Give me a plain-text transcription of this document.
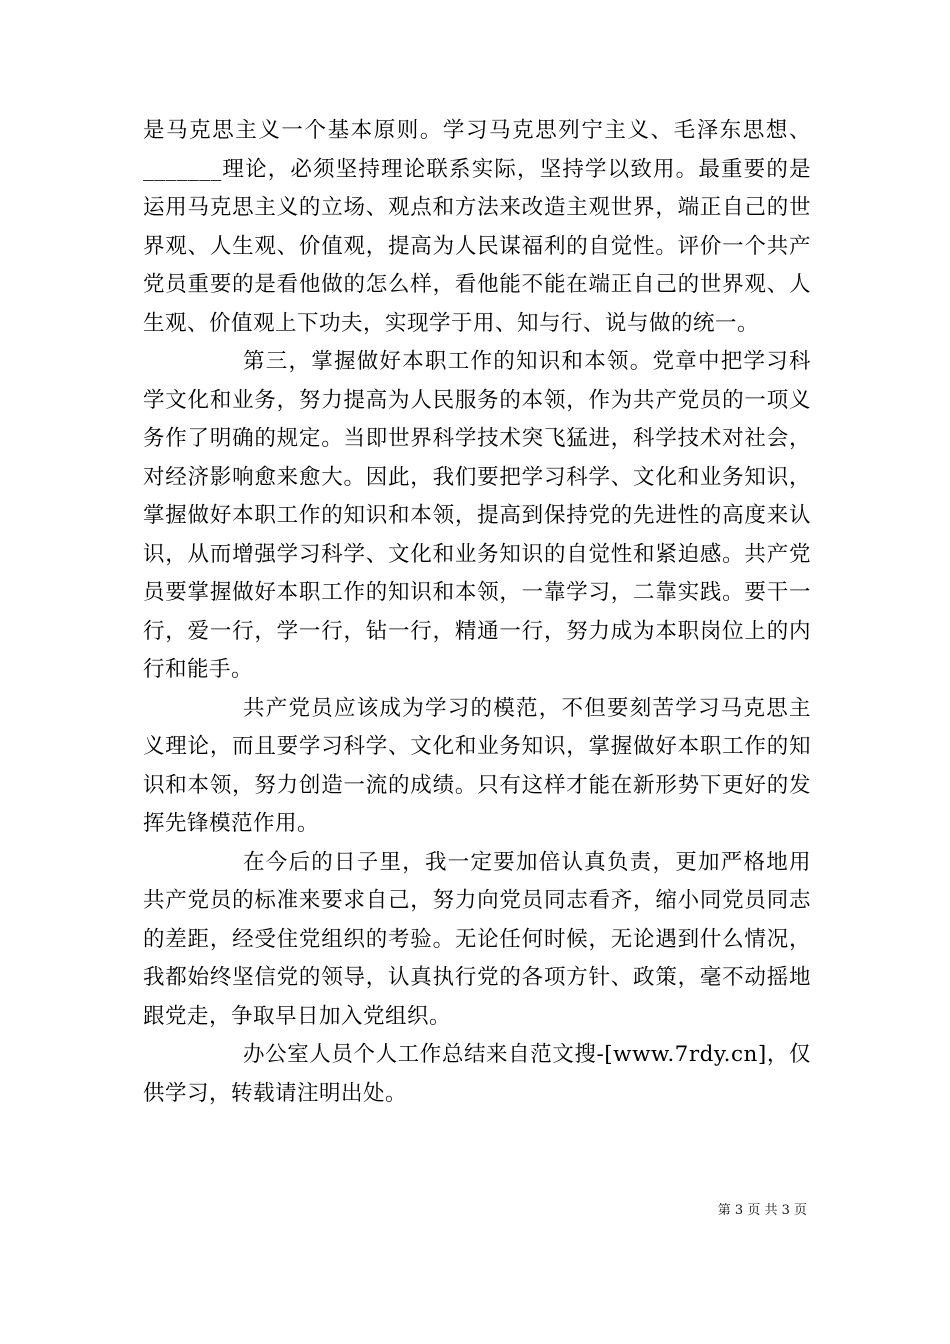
是马克思主义一个基本原则。学习马克思列宁主义、毛泽东思想、_______理论，必须坚持理论联系实际，坚持学以致用。最重要的是运用马克思主义的立场、观点和方法来改造主观世界，端正自己的世界观、人生观、价值观，提高为人民谋福利的自觉性。评价一个共产党员重要的是看他做的怎么样，看他能不能在端正自己的世界观、人生观、价值观上下功夫，实现学于用、知与行、说与做的统一。

第三，掌握做好本职工作的知识和本领。党章中把学习科学文化和业务，努力提高为人民服务的本领，作为共产党员的一项义务作了明确的规定。当即世界科学技术突飞猛进，科学技术对社会，对经济影响愈来愈大。因此，我们要把学习科学、文化和业务知识，掌握做好本职工作的知识和本领，提高到保持党的先进性的高度来认识，从而增强学习科学、文化和业务知识的自觉性和紧迫感。共产党员要掌握做好本职工作的知识和本领，一靠学习，二靠实践。要干一行，爱一行，学一行，钻一行，精通一行，努力成为本职岗位上的内行和能手。

共产党员应该成为学习的模范，不但要刻苦学习马克思主义理论，而且要学习科学、文化和业务知识，掌握做好本职工作的知识和本领，努力创造一流的成绩。只有这样才能在新形势下更好的发挥先锋模范作用。

在今后的日子里，我一定要加倍认真负责，更加严格地用共产党员的标准来要求自己，努力向党员同志看齐，缩小同党员同志的差距，经受住党组织的考验。无论任何时候，无论遇到什么情况，我都始终坚信党的领导，认真执行党的各项方针、政策，毫不动摇地跟党走，争取早日加入党组织。

办公室人员个人工作总结来自范文搜-[www.7rdy.cn]，仅供学习，转载请注明出处。

第 3 页 共 3 页
